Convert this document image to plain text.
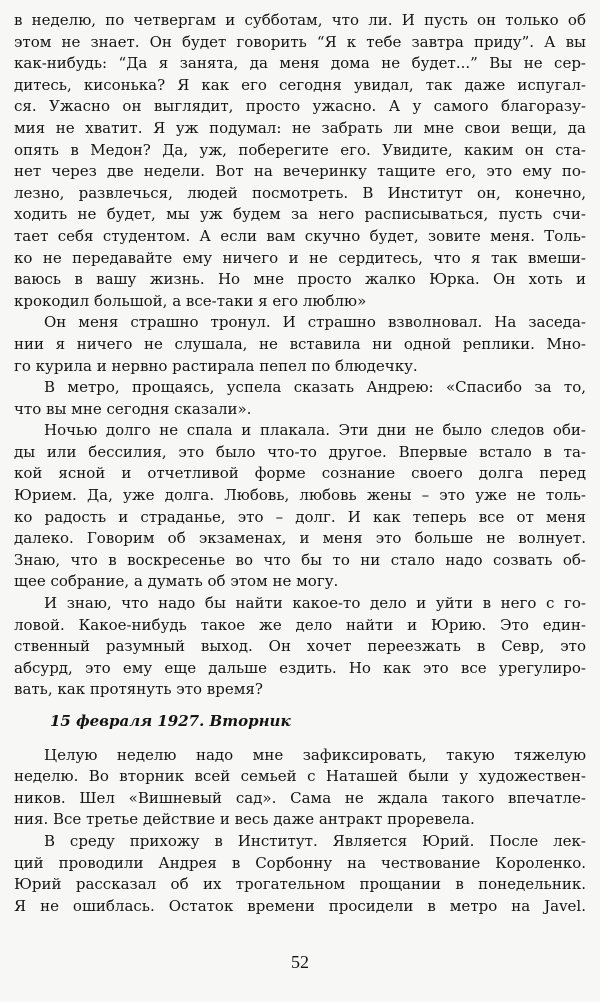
в неделю, по четвергам и субботам, что ли. И пусть он только об
этом не знает. Он будет говорить “Я к тебе завтра приду”. А вы
как-нибудь: “Да я занята, да меня дома не будет...” Вы не сер-
дитесь, кисонька? Я как его сегодня увидал, так даже испугал-
ся. Ужасно он выглядит, просто ужасно. А у самого благоразу-
мия не хватит. Я уж подумал: не забрать ли мне свои вещи, да
опять в Медон? Да, уж, поберегите его. Увидите, каким он ста-
нет через две недели. Вот на вечеринку тащите его, это ему по-
лезно, развлечься, людей посмотреть. В Институт он, конечно,
ходить не будет, мы уж будем за него расписываться, пусть счи-
тает себя студентом. А если вам скучно будет, зовите меня. Толь-
ко не передавайте ему ничего и не сердитесь, что я так вмеши-
ваюсь в вашу жизнь. Но мне просто жалко Юрка. Он хоть и
крокодил большой, а все-таки я его люблю»
Он меня страшно тронул. И страшно взволновал. На заседа-
нии я ничего не слушала, не вставила ни одной реплики. Мно-
го курила и нервно растирала пепел по блюдечку.
В метро, прощаясь, успела сказать Андрею: «Спасибо за то,
что вы мне сегодня сказали».
Ночью долго не спала и плакала. Эти дни не было следов оби-
ды или бессилия, это было что-то другое. Впервые встало в та-
кой ясной и отчетливой форме сознание своего долга перед
Юрием. Да, уже долга. Любовь, любовь жены – это уже не толь-
ко радость и страданье, это – долг. И как теперь все от меня
далеко. Говорим об экзаменах, и меня это больше не волнует.
Знаю, что в воскресенье во что бы то ни стало надо созвать об-
щее собрание, а думать об этом не могу.
И знаю, что надо бы найти какое-то дело и уйти в него с го-
ловой. Какое-нибудь такое же дело найти и Юрию. Это един-
ственный разумный выход. Он хочет переезжать в Севр, это
абсурд, это ему еще дальше ездить. Но как это все урегулиро-
вать, как протянуть это время?
15 февраля 1927. Вторник
Целую неделю надо мне зафиксировать, такую тяжелую
неделю. Во вторник всей семьей с Наташей были у художествен-
ников. Шел «Вишневый сад». Сама не ждала такого впечатле-
ния. Все третье действие и весь даже антракт проревела.
В среду прихожу в Институт. Является Юрий. После лек-
ций проводили Андрея в Сорбонну на чествование Короленко.
Юрий рассказал об их трогательном прощании в понедельник.
Я не ошиблась. Остаток времени просидели в метро на Javel.
52
